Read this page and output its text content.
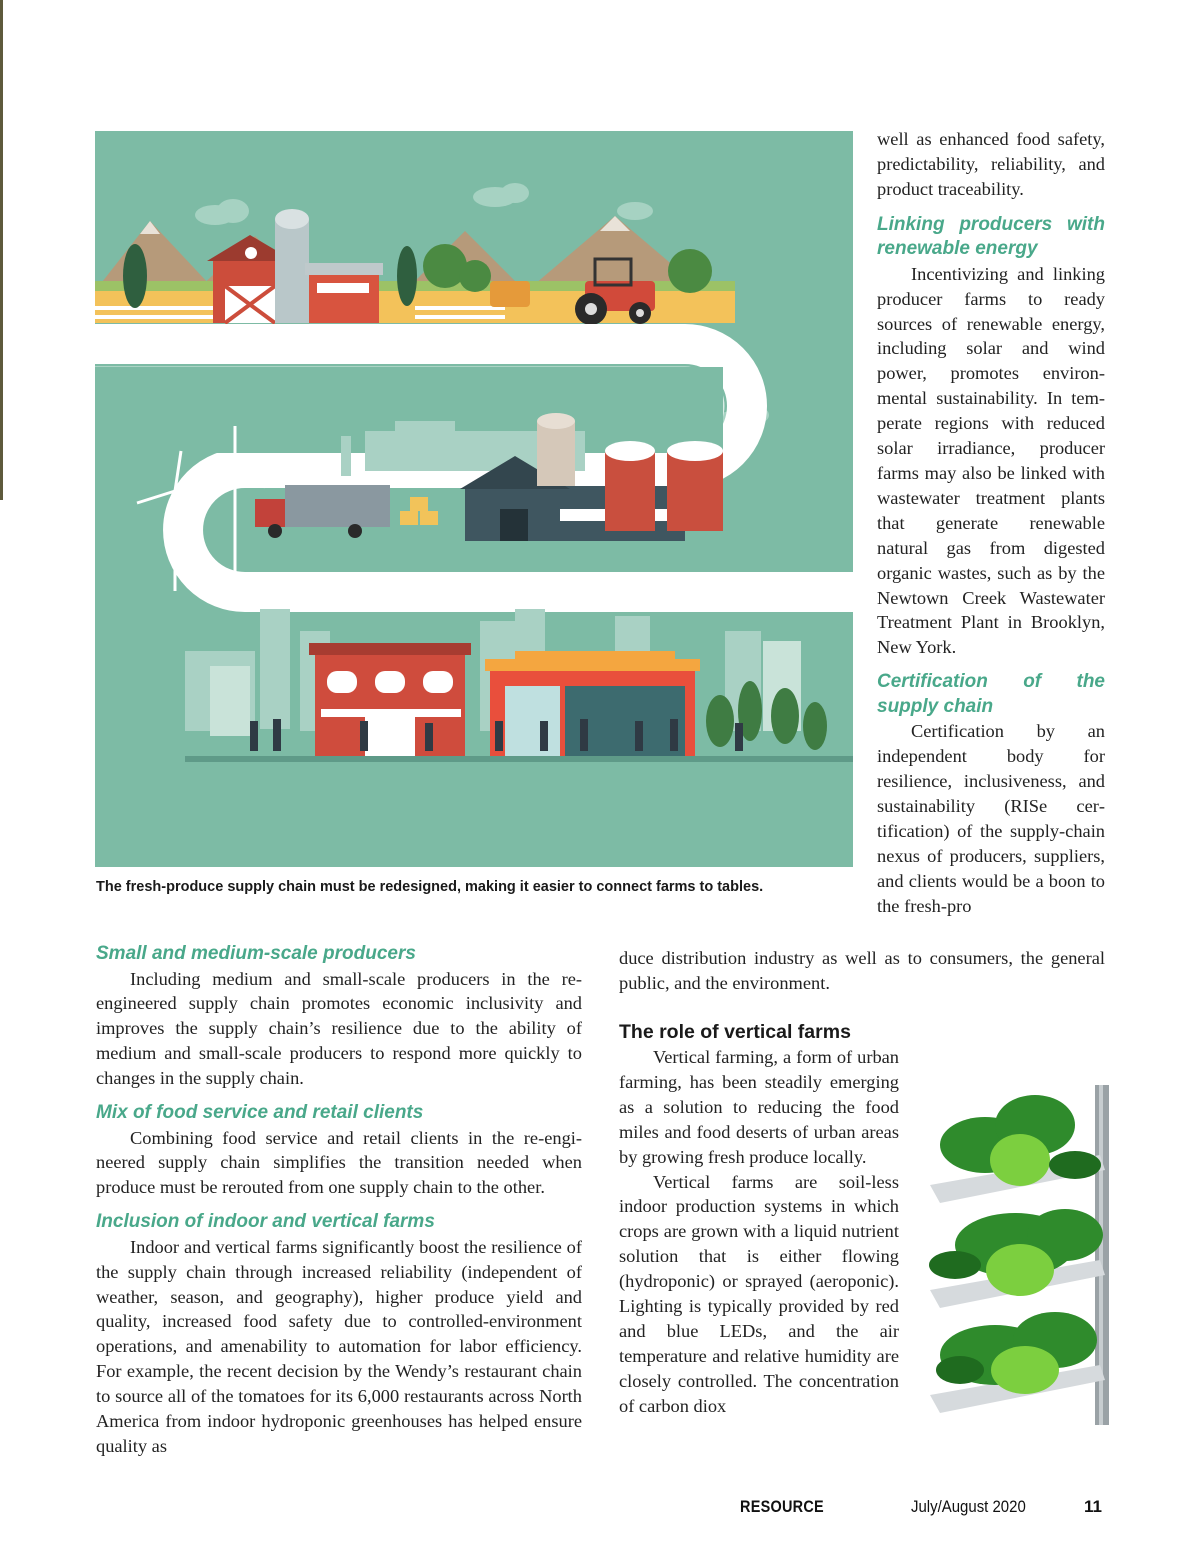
The fresh-produce supply chain must be redesigned, making it easier to connect farms to tables.

well as enhanced food safety, predictability, reliability, and product traceability.

Linking producers with renewable energy

Incentivizing and linking producer farms to ready sources of renewable energy, including solar and wind power, promotes environmental sustainability. In temperate regions with reduced solar irradiance, producer farms may also be linked with wastewater treatment plants that generate renewable natural gas from digested organic wastes, such as by the Newtown Creek Wastewater Treatment Plant in Brooklyn, New York.

Certification of the supply chain

Certification by an independent body for resilience, inclusiveness, and sustainability (RISe certification) of the supply-chain nexus of producers, suppliers, and clients would be a boon to the fresh-pro

Small and medium-scale producers

Including medium and small-scale producers in the re-engineered supply chain promotes economic inclusivity and improves the supply chain’s resilience due to the ability of medium and small-scale producers to respond more quickly to changes in the supply chain.

Mix of food service and retail clients

Combining food service and retail clients in the re-engineered supply chain simplifies the transition needed when produce must be rerouted from one supply chain to the other.

Inclusion of indoor and vertical farms

Indoor and vertical farms significantly boost the resilience of the supply chain through increased reliability (independent of weather, season, and geography), higher produce yield and quality, increased food safety due to controlled-environment operations, and amenability to automation for labor efficiency. For example, the recent decision by the Wendy’s restaurant chain to source all of the tomatoes for its 6,000 restaurants across North America from indoor hydroponic greenhouses has helped ensure quality as

duce distribution industry as well as to consumers, the general public, and the environment.

The role of vertical farms

Vertical farming, a form of urban farming, has been steadily emerging as a solution to reducing the food miles and food deserts of urban areas by growing fresh produce locally.

Vertical farms are soil-less indoor production systems in which crops are grown with a liquid nutrient solution that is either flowing (hydroponic) or sprayed (aeroponic). Lighting is typically provided by red and blue LEDs, and the air temperature and relative humidity are closely controlled. The concentration of carbon diox

RESOURCE	July/August 2020	11
